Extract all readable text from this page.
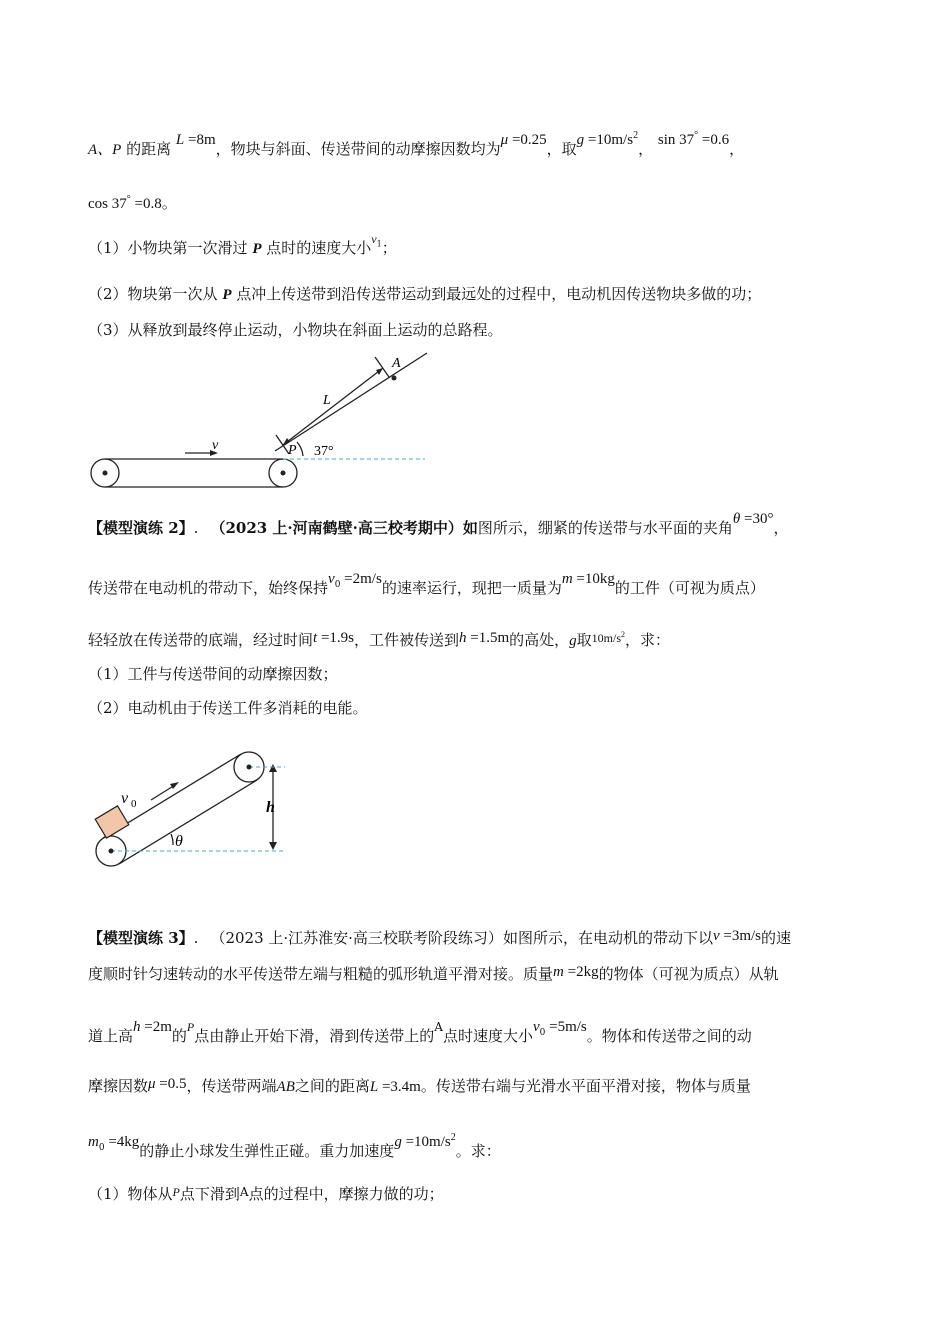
A、P 的距离 L =8m，物块与斜面、传送带间的动摩擦因数均为μ =0.25，取$g =10m/s^2$， sin 37° =0.6，
cos 37° =0.8。
（1）小物块第一次滑过 P 点时的速度大小$^{v_1}$；
（2）物块第一次从 P 点冲上传送带到沿传送带运动到最远处的过程中，电动机因传送物块多做的功；
（3）从释放到最终停止运动，小物块在斜面上运动的总路程。
v
L
A
P 37°
【模型演练 2】. （2023 上·河南鹤壁·高三校考期中）如图所示，绷紧的传送带与水平面的夹角θ =30°，
传送带在电动机的带动下，始终保持$v_0 =2m/s$的速率运行，现把一质量为m =10kg的工件（可视为质点）
轻轻放在传送带的底端，经过时间t =1.9s，工件被传送到h =1.5m的高处，g取$^{10m/s^2}$，求：
（1）工件与传送带间的动摩擦因数；
（2）电动机由于传送工件多消耗的电能。
v 0	h
θ
【模型演练 3】. （2023 上·江苏淮安·高三校联考阶段练习）如图所示，在电动机的带动下以v =3m/s的速
度顺时针匀速转动的水平传送带左端与粗糙的弧形轨道平滑对接。质量m =2kg的物体（可视为质点）从轨
道上高h =2m的$^P$点由静止开始下滑，滑到传送带上的$^A$点时速度大小$v_0 =5m/s$。物体和传送带之间的动
摩擦因数μ =0.5，传送带两端AB之间的距离L =3.4m。传送带右端与光滑水平面平滑对接，物体与质量
$m_0 =4kg$的静止小球发生弹性正碰。重力加速度$g =10m/s^2$。求：
（1）物体从$^P$点下滑到$^A$点的过程中，摩擦力做的功；
